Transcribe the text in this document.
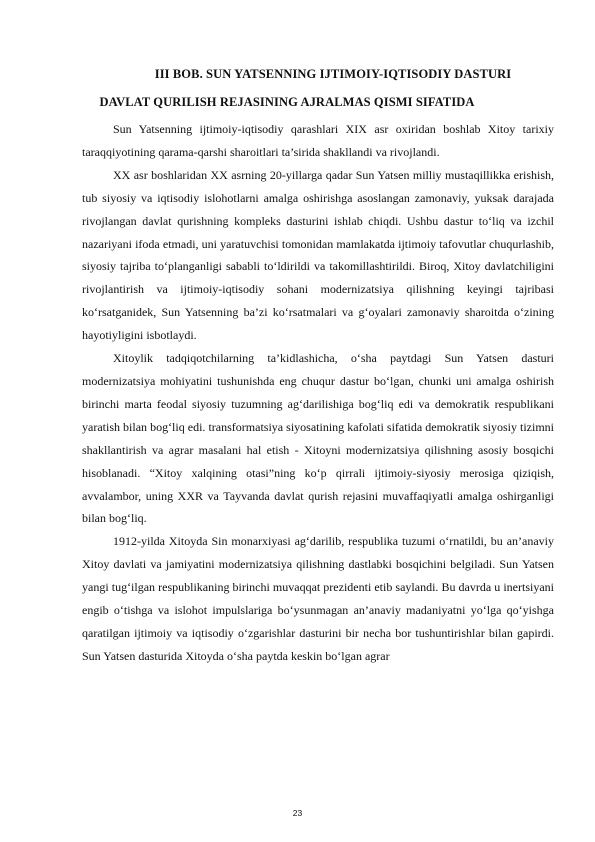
III BOB. SUN YATSENNING IJTIMOIY-IQTISODIY DASTURI
DAVLAT QURILISH REJASINING AJRALMAS QISMI SIFATIDA

Sun Yatsenning ijtimoiy-iqtisodiy qarashlari XIX asr oxiridan boshlab Xitoy tarixiy taraqqiyotining qarama-qarshi sharoitlari ta’sirida shakllandi va rivojlandi.

XX asr boshlaridan XX asrning 20-yillarga qadar Sun Yatsen milliy mustaqillikka erishish, tub siyosiy va iqtisodiy islohotlarni amalga oshirishga asoslangan zamonaviy, yuksak darajada rivojlangan davlat qurishning kompleks dasturini ishlab chiqdi. Ushbu dastur to‘liq va izchil nazariyani ifoda etmadi, uni yaratuvchisi tomonidan mamlakatda ijtimoiy tafovutlar chuqurlashib, siyosiy tajriba to‘planganligi sababli to‘ldirildi va takomillashtirildi. Biroq, Xitoy davlatchiligini rivojlantirish va ijtimoiy-iqtisodiy sohani modernizatsiya qilishning keyingi tajribasi ko‘rsatganidek, Sun Yatsenning ba’zi ko‘rsatmalari va g‘oyalari zamonaviy sharoitda o‘zining hayotiyligini isbotlaydi.

Xitoylik tadqiqotchilarning ta’kidlashicha, o‘sha paytdagi Sun Yatsen dasturi modernizatsiya mohiyatini tushunishda eng chuqur dastur bo‘lgan, chunki uni amalga oshirish birinchi marta feodal siyosiy tuzumning ag‘darilishiga bog‘liq edi va demokratik respublikani yaratish bilan bog‘liq edi. transformatsiya siyosatining kafolati sifatida demokratik siyosiy tizimni shakllantirish va agrar masalani hal etish - Xitoyni modernizatsiya qilishning asosiy bosqichi hisoblanadi. “Xitoy xalqining otasi”ning ko‘p qirrali ijtimoiy-siyosiy merosiga qiziqish, avvalambor, uning XXR va Tayvanda davlat qurish rejasini muvaffaqiyatli amalga oshirganligi bilan bog‘liq.

1912-yilda Xitoyda Sin monarxiyasi ag‘darilib, respublika tuzumi o‘rnatildi, bu an’anaviy Xitoy davlati va jamiyatini modernizatsiya qilishning dastlabki bosqichini belgiladi. Sun Yatsen yangi tug‘ilgan respublikaning birinchi muvaqqat prezidenti etib saylandi. Bu davrda u inertsiyani engib o‘tishga va islohot impulslariga bo‘ysunmagan an’anaviy madaniyatni yo‘lga qo‘yishga qaratilgan ijtimoiy va iqtisodiy o‘zgarishlar dasturini bir necha bor tushuntirishlar bilan gapirdi. Sun Yatsen dasturida Xitoyda o‘sha paytda keskin bo‘lgan agrar

23
